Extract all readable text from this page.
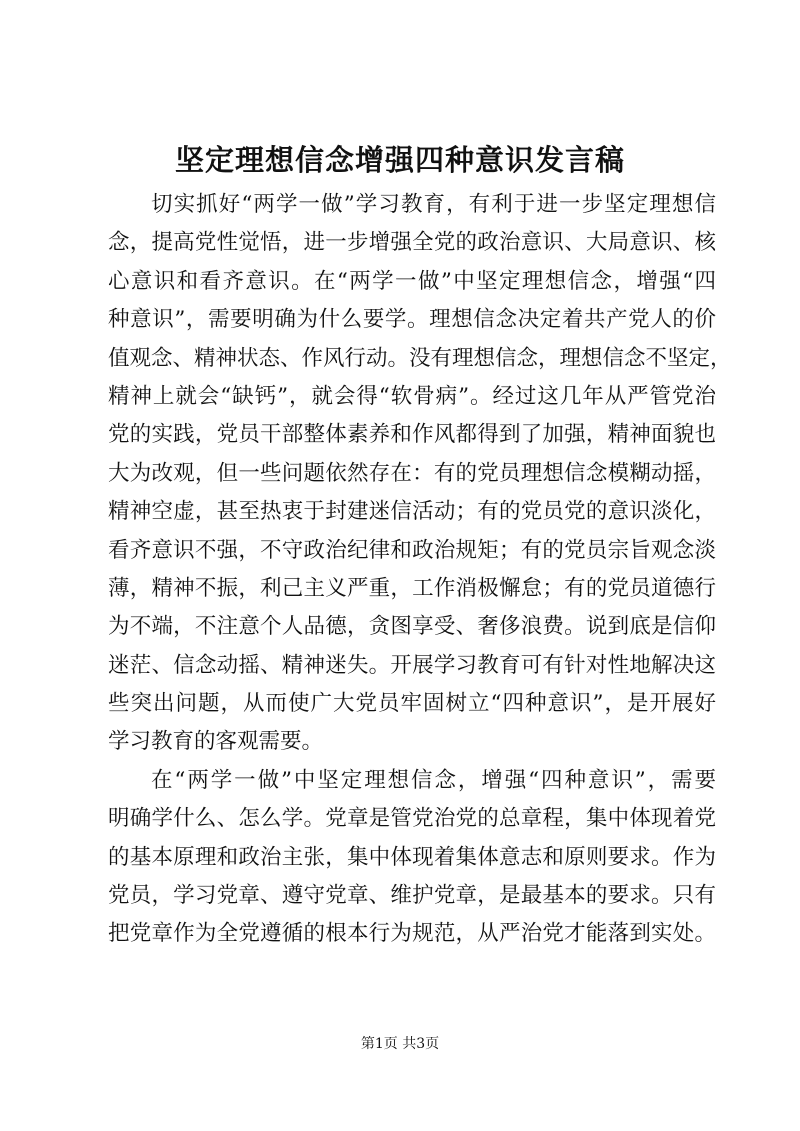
坚定理想信念增强四种意识发言稿
切实抓好“两学一做”学习教育，有利于进一步坚定理想信
念，提高党性觉悟，进一步增强全党的政治意识、大局意识、核
心意识和看齐意识。在“两学一做”中坚定理想信念，增强“四
种意识”，需要明确为什么要学。理想信念决定着共产党人的价
值观念、精神状态、作风行动。没有理想信念，理想信念不坚定，
精神上就会“缺钙”，就会得“软骨病”。经过这几年从严管党治
党的实践，党员干部整体素养和作风都得到了加强，精神面貌也
大为改观，但一些问题依然存在：有的党员理想信念模糊动摇，
精神空虚，甚至热衷于封建迷信活动；有的党员党的意识淡化，
看齐意识不强，不守政治纪律和政治规矩；有的党员宗旨观念淡
薄，精神不振，利己主义严重，工作消极懈怠；有的党员道德行
为不端，不注意个人品德，贪图享受、奢侈浪费。说到底是信仰
迷茫、信念动摇、精神迷失。开展学习教育可有针对性地解决这
些突出问题，从而使广大党员牢固树立“四种意识”，是开展好
学习教育的客观需要。
在“两学一做”中坚定理想信念，增强“四种意识”，需要
明确学什么、怎么学。党章是管党治党的总章程，集中体现着党
的基本原理和政治主张，集中体现着集体意志和原则要求。作为
党员，学习党章、遵守党章、维护党章，是最基本的要求。只有
把党章作为全党遵循的根本行为规范，从严治党才能落到实处。
第1页 共3页
